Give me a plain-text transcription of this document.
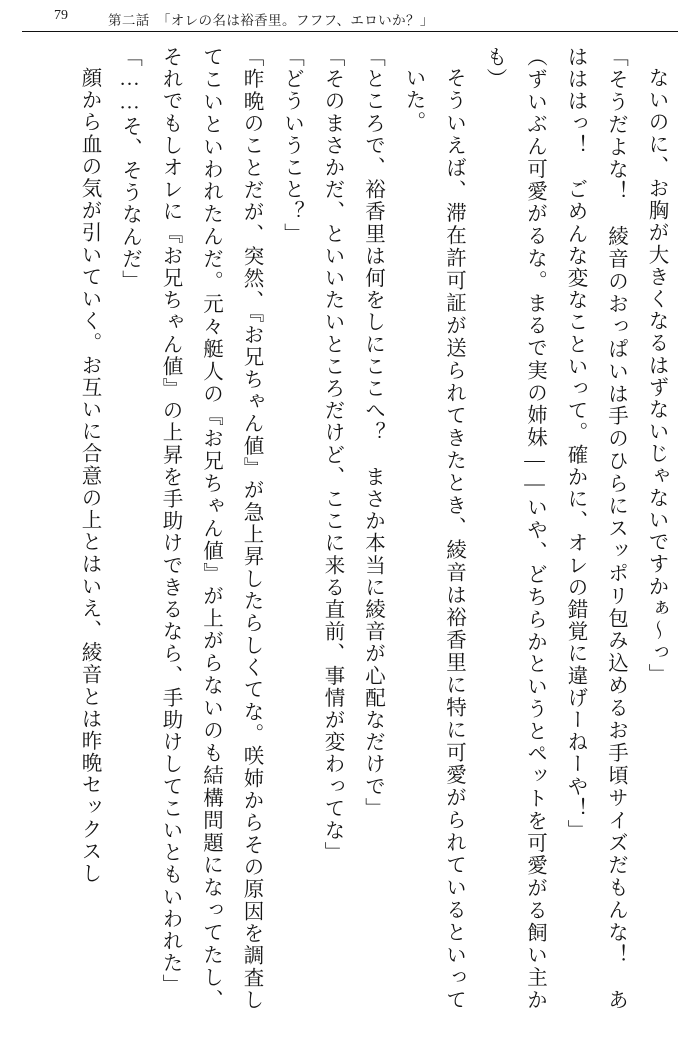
79	第二話　「オレの名は裕香里。フフフ、エロいか？」

ないのに、お胸が大きくなるはずないじゃないですかぁ～っ」

「そうだよな！　綾音のおっぱいは手のひらにスッポリ包み込めるお手頃サイズだもんな！　あはははっ！　ごめんな変なこといって。確かに、オレの錯覚に違げーねーや！」

（ずいぶん可愛がるな。まるで実の姉妹――いや、どちらかというとペットを可愛がる飼い主かも）

そういえば、滞在許可証が送られてきたとき、綾音は裕香里に特に可愛がられているといっていた。

「ところで、裕香里は何をしにここへ？　まさか本当に綾音が心配なだけで」

「そのまさかだ、といいたいところだけど、ここに来る直前、事情が変わってな」

「どういうこと？」

「昨晩のことだが、突然、『お兄ちゃん値』が急上昇したらしくてな。咲姉からその原因を調査してこいといわれたんだ。元々艇人の『お兄ちゃん値』が上がらないのも結構問題になってたし、それでもしオレに『お兄ちゃん値』の上昇を手助けできるなら、手助けしてこいともいわれた」

「……そ、そうなんだ」

顔から血の気が引いていく。お互いに合意の上とはいえ、綾音とは昨晩セックスし
